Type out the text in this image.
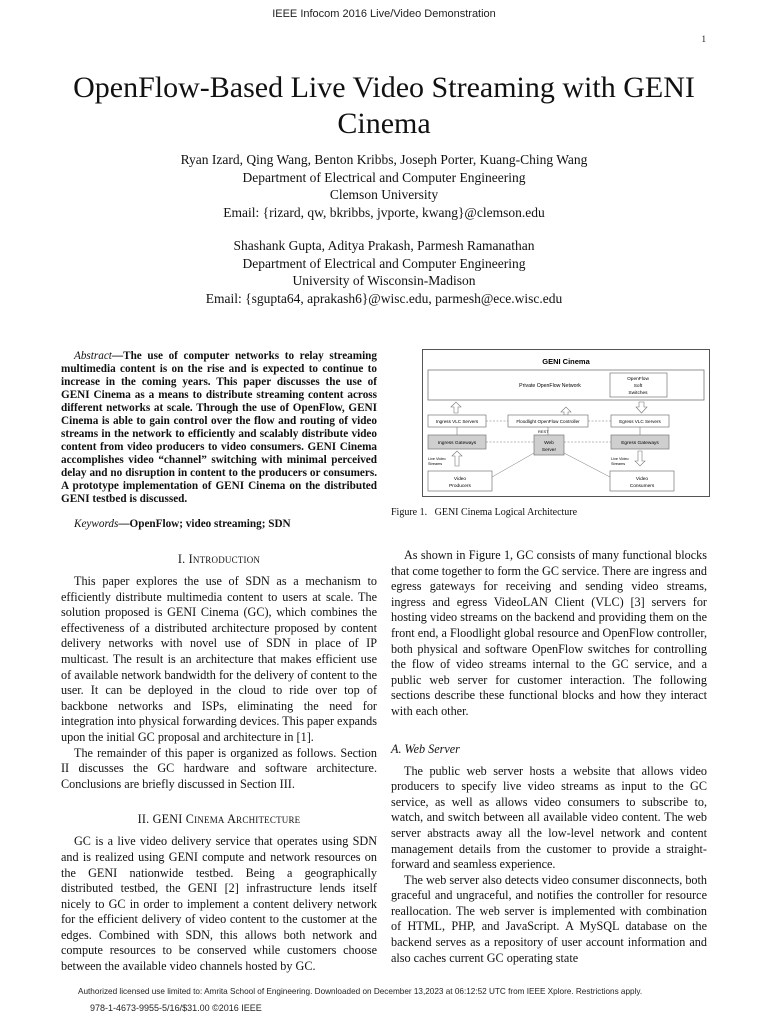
IEEE Infocom 2016 Live/Video Demonstration
1
OpenFlow-Based Live Video Streaming with GENI
Cinema
Ryan Izard, Qing Wang, Benton Kribbs, Joseph Porter, Kuang-Ching Wang
Department of Electrical and Computer Engineering
Clemson University
Email: {rizard, qw, bkribbs, jvporte, kwang}@clemson.edu
Shashank Gupta, Aditya Prakash, Parmesh Ramanathan
Department of Electrical and Computer Engineering
University of Wisconsin-Madison
Email: {sgupta64, aprakash6}@wisc.edu, parmesh@ece.wisc.edu
Abstract—The use of computer networks to relay streaming multimedia content is on the rise and is expected to continue to increase in the coming years. This paper discusses the use of GENI Cinema as a means to distribute streaming content across different networks at scale. Through the use of OpenFlow, GENI Cinema is able to gain control over the flow and routing of video streams in the network to efficiently and scalably distribute video content from video producers to video consumers. GENI Cinema accomplishes video “channel” switching with minimal perceived delay and no disruption in content to the producers or consumers. A prototype implementation of GENI Cinema on the distributed GENI testbed is discussed.
Keywords—OpenFlow; video streaming; SDN
I. Introduction

This paper explores the use of SDN as a mechanism to efficiently distribute multimedia content to users at scale. The solution proposed is GENI Cinema (GC), which combines the effectiveness of a distributed architecture proposed by content delivery networks with novel use of SDN in place of IP multicast. The result is an architecture that makes efficient use of available network bandwidth for the delivery of content to the user. It can be deployed in the cloud to ride over top of backbone networks and ISPs, eliminating the need for integration into physical forwarding devices. This paper expands upon the initial GC proposal and architecture in [1].

The remainder of this paper is organized as follows. Section II discusses the GC hardware and software architecture. Conclusions are briefly discussed in Section III.

II. GENI Cinema Architecture

GC is a live video delivery service that operates using SDN and is realized using GENI compute and network resources on the GENI nationwide testbed. Being a geographically distributed testbed, the GENI [2] infrastructure lends itself nicely to GC in order to implement a content delivery network for the efficient delivery of video content to the customer at the edges. Combined with SDN, this allows both network and compute resources to be conserved while customers choose between the available video channels hosted by GC.

GENI Cinema
Private OpenFlow Network
OpenFlow
Soft
Switches
Ingress VLC Servers	Floodlight OpenFlow Controller	Egress VLC Servers
REST
Ingress Gateways	Web
Server
Egress Gateways
Live Video
Streams
Live Video
Streams
Video
Producers
Video
Consumers
Figure 1.   GENI Cinema Logical Architecture

As shown in Figure 1, GC consists of many functional blocks that come together to form the GC service. There are ingress and egress gateways for receiving and sending video streams, ingress and egress VideoLAN Client (VLC) [3] servers for hosting video streams on the backend and providing them on the front end, a Floodlight global resource and OpenFlow controller, both physical and software OpenFlow switches for controlling the flow of video streams internal to the GC service, and a public web server for customer interaction. The following sections describe these functional blocks and how they interact with each other.

A. Web Server

The public web server hosts a website that allows video producers to specify live video streams as input to the GC service, as well as allows video consumers to subscribe to, watch, and switch between all available video content. The web server abstracts away all the low-level network and content management details from the customer to provide a straight-forward and seamless experience.

The web server also detects video consumer disconnects, both graceful and ungraceful, and notifies the controller for resource reallocation. The web server is implemented with combination of HTML, PHP, and JavaScript. A MySQL database on the backend serves as a repository of user account information and also caches current GC operating state

Authorized licensed use limited to: Amrita School of Engineering. Downloaded on December 13,2023 at 06:12:52 UTC from IEEE Xplore. Restrictions apply.
978-1-4673-9955-5/16/$31.00 ©2016 IEEE
